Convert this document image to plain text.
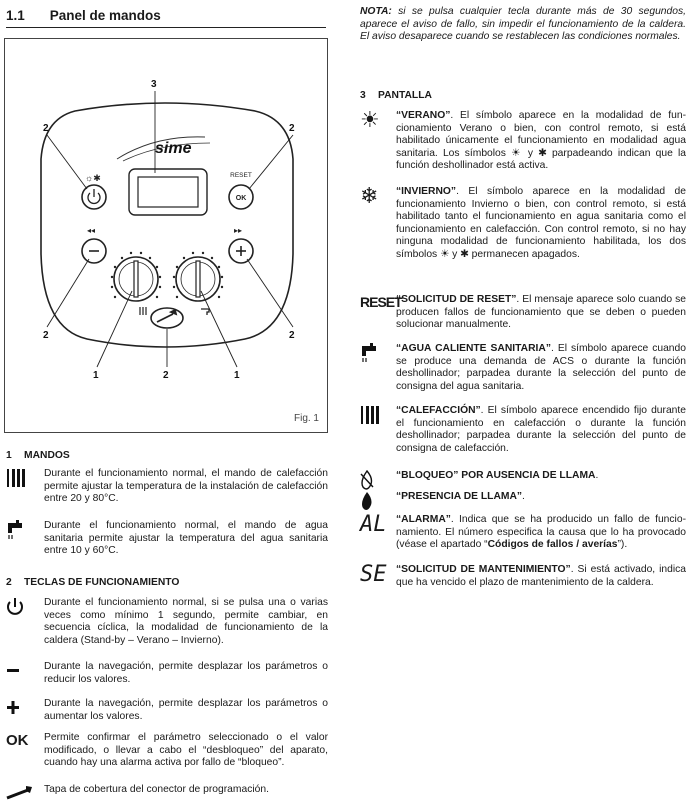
1.1 Panel de mandos
sime
☼✱
OK
RESET
◂◂	▸▸
3
2	2
2	2
1	2	1
Fig. 1
1 MANDOS
Durante el funcionamiento normal, el mando de calefacción permite ajustar la temperatura de la instalación de calefacción entre 20 y 80°C.
Durante el funcionamiento normal, el mando de agua sanitaria permite ajustar la temperatura del agua sanitaria entre 10 y 60°C.
2 TECLAS DE FUNCIONAMIENTO
Durante el funcionamiento normal, si se pulsa una o varias veces como mínimo 1 segundo, permite cambiar, en secuencia cíclica, la modalidad de funcionamiento de la caldera (Stand-by – Verano – Invierno).
Durante la navegación, permite desplazar los parámetros o reducir los valores.
Durante la navegación, permite desplazar los parámetros o aumentar los valores.
OK	Permite confirmar el parámetro seleccionado o el valor modificado, o llevar a cabo el “desbloqueo” del aparato, cuando hay una alarma activa por fallo de “bloqueo”.
Tapa de cobertura del conector de programación.
NOTA: si se pulsa cualquier tecla durante más de 30 segundos, aparece el aviso de fallo, sin impedir el funcionamiento de la caldera. El aviso desaparece cuando se restablecen las condiciones normales.
3 PANTALLA
☀	“VERANO”. El símbolo aparece en la modalidad de funcionamiento Verano o bien, con control remoto, si está habilitado únicamente el funcionamiento en modalidad agua sanitaria. Los símbolos ☀ y ✱ parpadeando indican que la función deshollinador está activa.
❄	“INVIERNO”. El símbolo aparece en la modalidad de funcionamiento Invierno o bien, con control remoto, si está habilitado tanto el funcionamiento en agua sanitaria como el funcionamiento en calefacción. Con control remoto, si no hay ninguna modalidad de funcionamiento habilitada, los dos símbolos ☀ y ✱ permanecen apagados.
RESET
“SOLICITUD DE RESET”. El mensaje aparece solo cuando se producen fallos de funcionamiento que se deben o pueden solucionar manualmente.
“AGUA CALIENTE SANITARIA”. El símbolo aparece cuando se produce una demanda de ACS o durante la función deshollinador; parpadea durante la selección del punto de consigna del agua sanitaria.
“CALEFACCIÓN”. El símbolo aparece encendido fijo durante el funcionamiento en calefacción o durante la función deshollinador; parpadea durante la selección del punto de consigna de calefacción.
“BLOQUEO” POR AUSENCIA DE LLAMA.
“PRESENCIA DE LLAMA”.
AL “ALARMA”. Indica que se ha producido un fallo de funcionamiento. El número especifica la causa que lo ha provocado (véase el apartado “Códigos de fallos / averías”).
SE “SOLICITUD DE MANTENIMIENTO”. Si está activado, indica que ha vencido el plazo de mantenimiento de la caldera.
